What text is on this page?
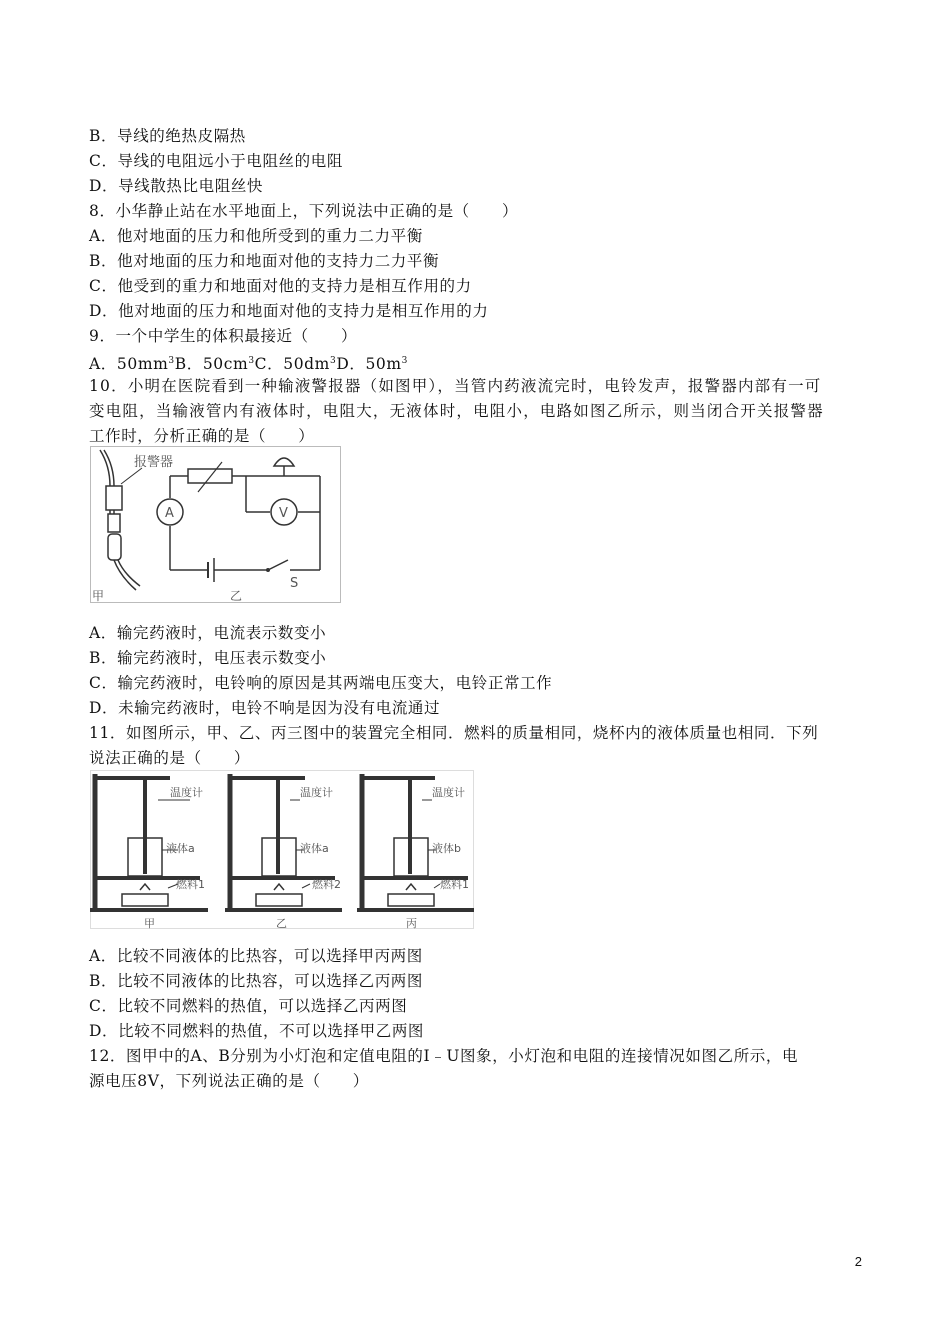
B．导线的绝热皮隔热
C．导线的电阻远小于电阻丝的电阻
D．导线散热比电阻丝快
8．小华静止站在水平地面上，下列说法中正确的是（　　）
A．他对地面的压力和他所受到的重力二力平衡
B．他对地面的压力和地面对他的支持力二力平衡
C．他受到的重力和地面对他的支持力是相互作用的力
D．他对地面的压力和地面对他的支持力是相互作用的力
9．一个中学生的体积最接近（　　）
A．$50mm^3B$．$50cm^3C$．$50dm^3D$．$50m^3$
10．小明在医院看到一种输液警报器（如图甲），当管内药液流完时，电铃发声，报警器内部有一可
变电阻，当输液管内有液体时，电阻大，无液体时，电阻小，电路如图乙所示，则当闭合开关报警器
工作时，分析正确的是（　　）
报警器
A	V
S
甲	乙
A．输完药液时，电流表示数变小
B．输完药液时，电压表示数变小
C．输完药液时，电铃响的原因是其两端电压变大，电铃正常工作
D．未输完药液时，电铃不响是因为没有电流通过
11．如图所示，甲、乙、丙三图中的装置完全相同．燃料的质量相同，烧杯内的液体质量也相同．下列
说法正确的是（　　）
温度计
液体a
燃料1
甲
温度计
液体a
燃料2
乙
温度计
液体b
燃料1
丙
A．比较不同液体的比热容，可以选择甲丙两图
B．比较不同液体的比热容，可以选择乙丙两图
C．比较不同燃料的热值，可以选择乙丙两图
D．比较不同燃料的热值，不可以选择甲乙两图
12．图甲中的A、B分别为小灯泡和定值电阻的I﹣U图象，小灯泡和电阻的连接情况如图乙所示，电
源电压8V，下列说法正确的是（　　）
2
